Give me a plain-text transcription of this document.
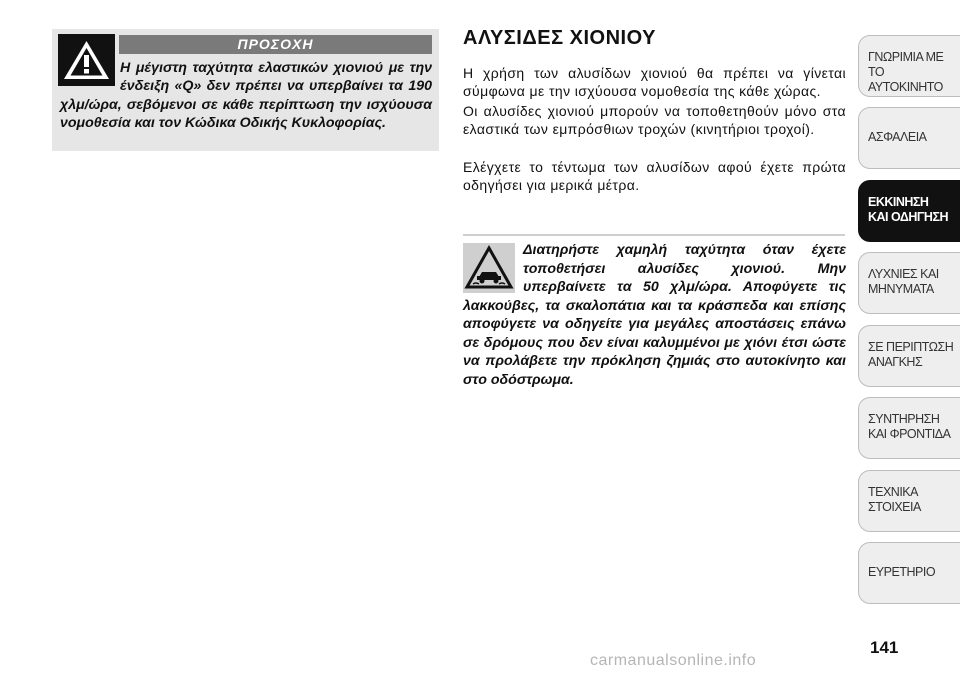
ΠΡΟΣΟΧΗ
Η μέγιστη ταχύτητα ελαστικών χιονιού με την ένδειξη «Q» δεν πρέπει να υπερβαίνει τα 190 χλμ/ώρα, σεβόμενοι σε κάθε περίπτωση την ισχύουσα νομοθεσία και τον Κώδικα Οδικής Κυκλοφορίας.
ΑΛΥΣΙΔΕΣ ΧΙΟΝΙΟΥ

Η χρήση των αλυσίδων χιονιού θα πρέπει να γίνεται σύμφωνα με την ισχύουσα νομοθεσία της κάθε χώρας.

Οι αλυσίδες χιονιού μπορούν να τοποθετηθούν μόνο στα ελαστικά των εμπρόσθιων τροχών (κινητήριοι τροχοί).

Ελέγχετε το τέντωμα των αλυσίδων αφού έχετε πρώτα οδηγήσει για μερικά μέτρα.

Διατηρήστε χαμηλή ταχύτητα όταν έχετε τοποθετήσει αλυσίδες χιονιού. Μην υπερβαίνετε τα 50 χλμ/ώρα. Αποφύγετε τις λακκούβες, τα σκαλοπάτια και τα κράσπεδα και επίσης αποφύγετε να οδηγείτε για μεγάλες αποστάσεις επάνω σε δρόμους που δεν είναι καλυμμένοι με χιόνι έτσι ώστε να προλάβετε την πρόκληση ζημιάς στο αυτοκίνητο και στο οδόστρωμα.
ΓΝΩΡΙΜΙΑ ΜΕ
ΤΟ ΑΥΤΟΚΙΝΗΤΟ
ΑΣΦΑΛΕΙΑ
ΕΚΚΙΝΗΣΗ
ΚΑΙ ΟΔΗΓΗΣΗ
ΛΥΧΝΙΕΣ ΚΑΙ
ΜΗΝΥΜΑΤΑ
ΣΕ ΠΕΡΙΠΤΩΣΗ
ΑΝΑΓΚΗΣ
ΣΥΝΤΗΡΗΣΗ
ΚΑΙ ΦΡΟΝΤΙΔΑ
ΤΕΧΝΙΚΑ
ΣΤΟΙΧΕΙΑ
ΕΥΡΕΤΗΡΙΟ
141
carmanualsonline.info
